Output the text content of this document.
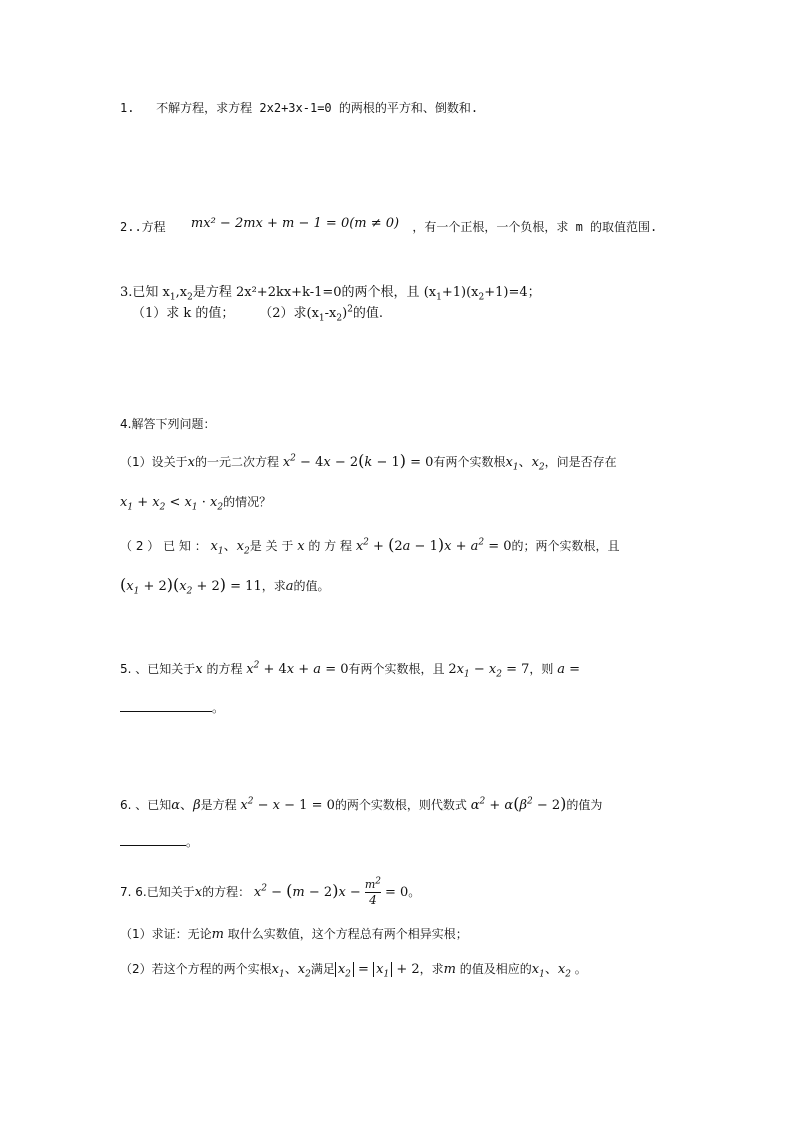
1. 不解方程，求方程 2x2+3x-1=0 的两根的平方和、倒数和.
2..方程 mx² − 2mx + m − 1 = 0(m ≠ 0) ，有一个正根，一个负根，求 m 的取值范围.
3.已知 $x_1,x_2$是方程 2x²+2kx+k-1=0的两个根，且 $(x_1+1)(x_2+1)=4$；
（1）求 k 的值； （2）求$(x_1-x_2)^2$的值.
4.解答下列问题：
（1）设关于x的一元二次方程 $x^2 - 4x - 2(k - 1) = 0$有两个实数根$x_1$、$x_2$，问是否存在
$x_1 + x_2 < x_1 \cdot x_2$的情况？
（ 2 ） 已 知 ： $x_1$、$x_2$是 关 于 x 的 方 程 $x^2 + (2a - 1)x + a^2 = 0$的；两个实数根，且
$(x_1 + 2)(x_2 + 2) = 11$，求a的值。
5. 、已知关于x 的方程 $x^2 + 4x + a = 0$有两个实数根，且 $2x_1 - x_2 = 7$，则 a =
。
6. 、已知α、β是方程 $x^2 - x - 1 = 0$的两个实数根，则代数式 $\alpha^2 + \alpha(\beta^2 - 2)$的值为
。
7. 6.已知关于x的方程： $x^2 - (m - 2)x - \frac{m^2}{4} = 0$。
（1）求证：无论m 取什么实数值，这个方程总有两个相异实根；
（2）若这个方程的两个实根$x_1$、$x_2$满足 $x_2 = x_1 + 2$，求m 的值及相应的$x_1$、$x_2$ 。
